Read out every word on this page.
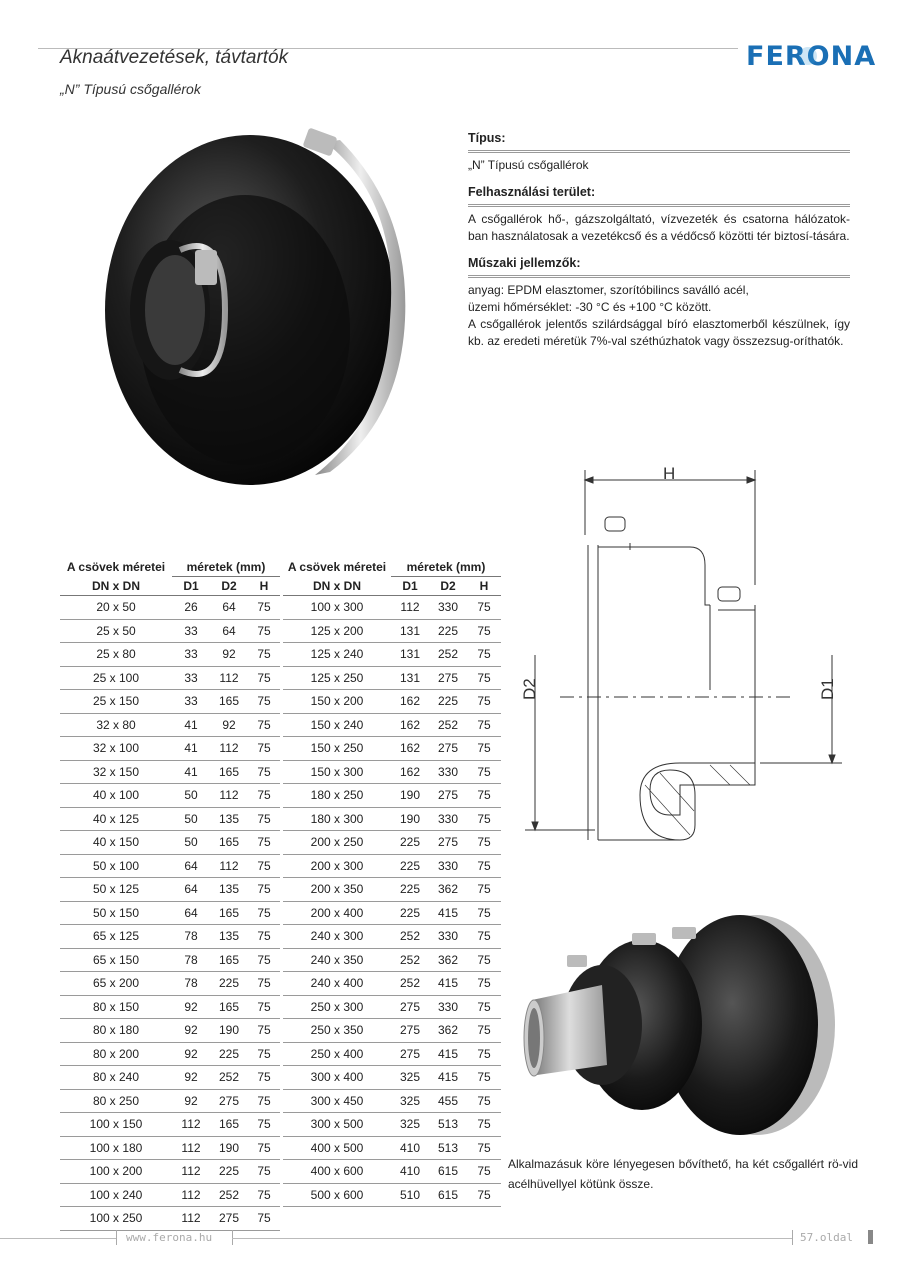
Aknaátvezetések, távtartók
„N” Típusú csőgallérok
FERONA
Típus:

„N” Típusú csőgallérok

Felhasználási terület:

A csőgallérok hő-, gázszolgáltató, vízvezeték és csatorna hálózatok-ban használatosak a vezetékcső és a védőcső közötti tér biztosí-tására.

Műszaki jellemzők:

anyag: EPDM elasztomer, szorítóbilincs saválló acél,

üzemi hőmérséklet: -30 °C és +100 °C között.

A csőgallérok jelentős szilárdsággal bíró elasztomerből készülnek, így kb. az eredeti méretük 7%-val széthúzhatok vagy összezsug-oríthatók.

H
D2	D1
A csövek méretei	méretek (mm)		
DN x DN	D1	D2	H
20 x 50	26	64	75
25 x 50	33	64	75
25 x 80	33	92	75
25 x 100	33	112	75
25 x 150	33	165	75
32 x 80	41	92	75
32 x 100	41	112	75
32 x 150	41	165	75
40 x 100	50	112	75
40 x 125	50	135	75
40 x 150	50	165	75
50 x 100	64	112	75
50 x 125	64	135	75
50 x 150	64	165	75
65 x 125	78	135	75
65 x 150	78	165	75
65 x 200	78	225	75
80 x 150	92	165	75
80 x 180	92	190	75
80 x 200	92	225	75
80 x 240	92	252	75
80 x 250	92	275	75
100 x 150	112	165	75
100 x 180	112	190	75
100 x 200	112	225	75
100 x 240	112	252	75
100 x 250	112	275	75
A csövek méretei	méretek (mm)		
DN x DN	D1	D2	H
100 x 300	112	330	75
125 x 200	131	225	75
125 x 240	131	252	75
125 x 250	131	275	75
150 x 200	162	225	75
150 x 240	162	252	75
150 x 250	162	275	75
150 x 300	162	330	75
180 x 250	190	275	75
180 x 300	190	330	75
200 x 250	225	275	75
200 x 300	225	330	75
200 x 350	225	362	75
200 x 400	225	415	75
240 x 300	252	330	75
240 x 350	252	362	75
240 x 400	252	415	75
250 x 300	275	330	75
250 x 350	275	362	75
250 x 400	275	415	75
300 x 400	325	415	75
300 x 450	325	455	75
300 x 500	325	513	75
400 x 500	410	513	75
400 x 600	410	615	75
500 x 600	510	615	75
Alkalmazásuk köre lényegesen bővíthető, ha két csőgallért rö-vid acélhüvellyel kötünk össze.
www.ferona.hu	57.oldal
